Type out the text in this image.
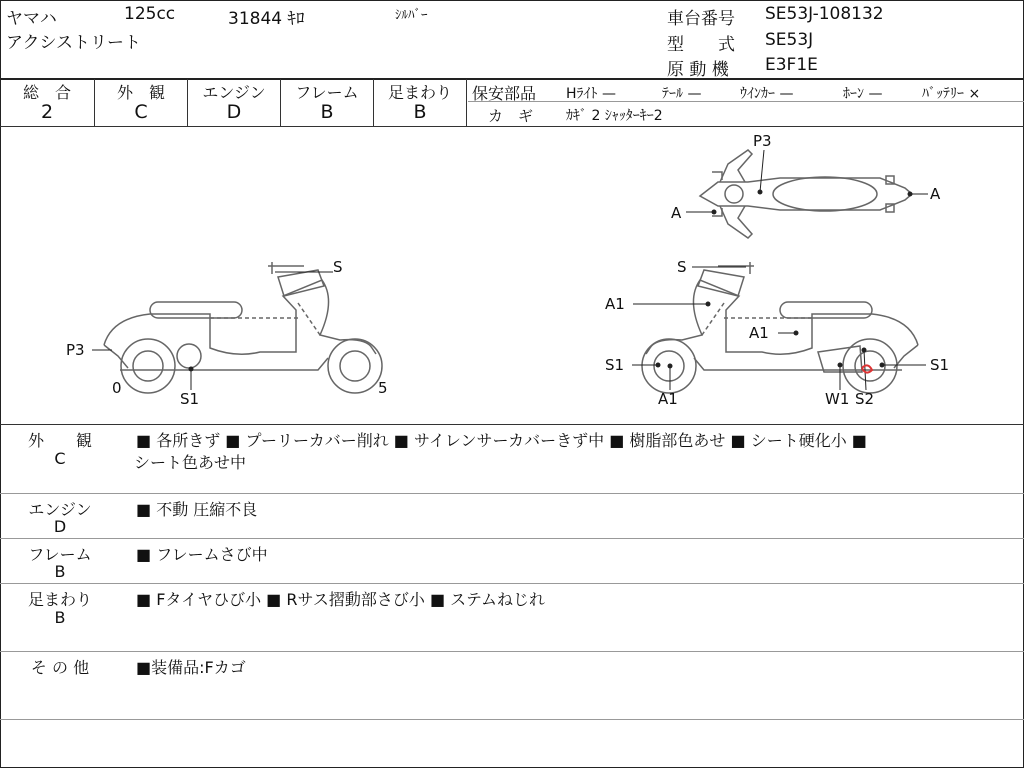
ヤマハ	125cc	31844 ｷﾛ	ｼﾙﾊﾞｰ
アクシストリート
車台番号 SE53J-108132
型　　式 SE53J
原 動 機 E3F1E
総　合
2
外　観
C
エンジン
D
フレーム
B
足まわり
B
保安部品 Hﾗｲﾄ —	ﾃｰﾙ —	ｳｲﾝｶｰ —	ﾎｰﾝ —	ﾊﾞｯﾃﾘｰ ×
カ　ギ ｶｷﾞ 2 ｼｬｯﾀｰｷｰ2
S
P3
0	5
S1
S
A1
A1
S1
A1	W1 S2
S1
P3
A
A
外　　観
C
■ 各所きず ■ プーリーカバー削れ ■ サイレンサーカバーきず中 ■ 樹脂部色あせ ■ シート硬化小 ■
シート色あせ中
エンジン
D
■ 不動 圧縮不良
フレーム
B
■ フレームさび中
足まわり
B
■ Fタイヤひび小 ■ Rサス摺動部さび小 ■ ステムねじれ
そ の 他	■装備品:Fカゴ
